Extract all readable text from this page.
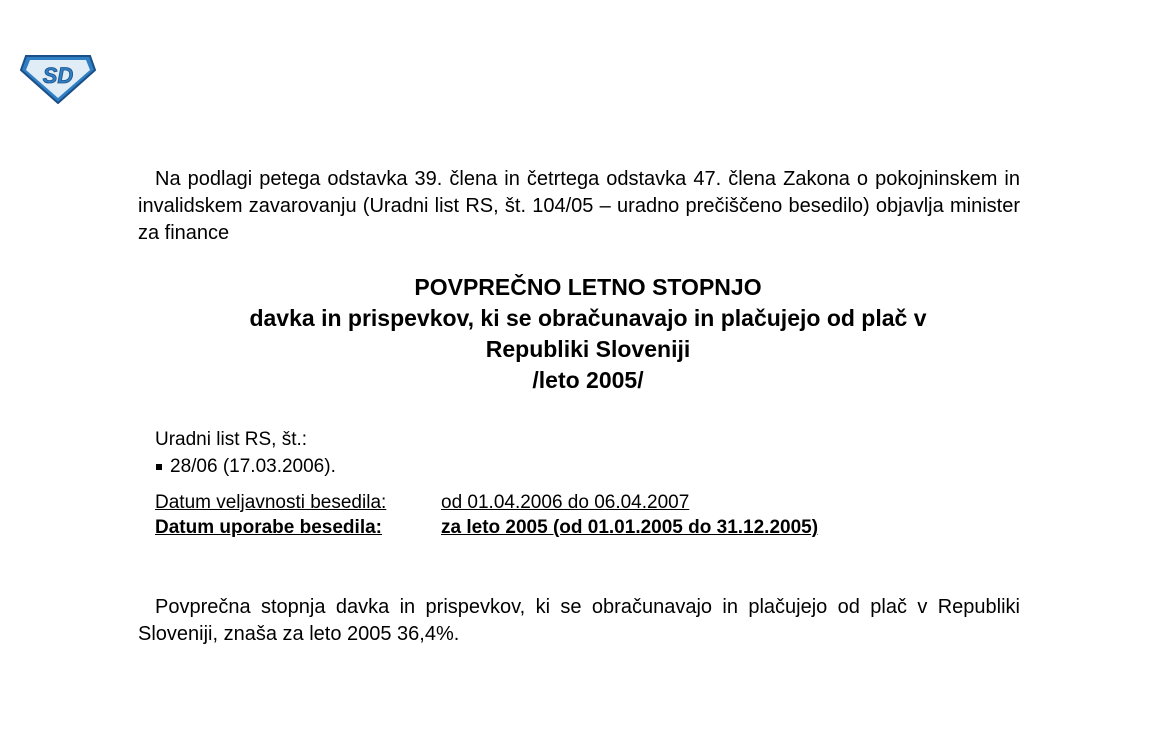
SD

Na podlagi petega odstavka 39. člena in četrtega odstavka 47. člena Zakona o pokojninskem in invalidskem zavarovanju (Uradni list RS, št. 104/05 – uradno prečiščeno besedilo) objavlja minister za finance

POVPREČNO LETNO STOPNJO
davka in prispevkov, ki se obračunavajo in plačujejo od plač v
Republiki Sloveniji
/leto 2005/
Uradni list RS, št.:
28/06 (17.03.2006).
Datum veljavnosti besedila:	od 01.04.2006 do 06.04.2007
Datum uporabe besedila:	za leto 2005 (od 01.01.2005 do 31.12.2005)

Povprečna stopnja davka in prispevkov, ki se obračunavajo in plačujejo od plač v Republiki Sloveniji, znaša za leto 2005 36,4%.
